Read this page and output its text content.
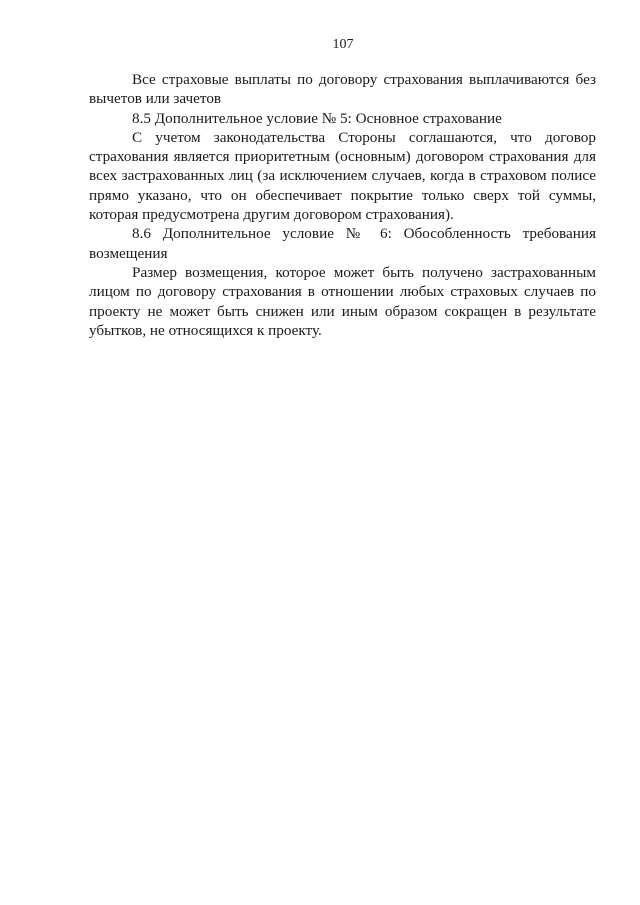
107

Все страховые выплаты по договору страхования выплачиваются без вычетов или зачетов

8.5 Дополнительное условие № 5: Основное страхование

С учетом законодательства Стороны соглашаются, что договор страхования является приоритетным (основным) договором страхования для всех застрахованных лиц (за исключением случаев, когда в страховом полисе прямо указано, что он обеспечивает покрытие только сверх той суммы, которая предусмотрена другим договором страхования).

8.6 Дополнительное условие № 6: Обособленность требования возмещения

Размер возмещения, которое может быть получено застрахованным лицом по договору страхования в отношении любых страховых случаев по проекту не может быть снижен или иным образом сокращен в результате убытков, не относящихся к проекту.
